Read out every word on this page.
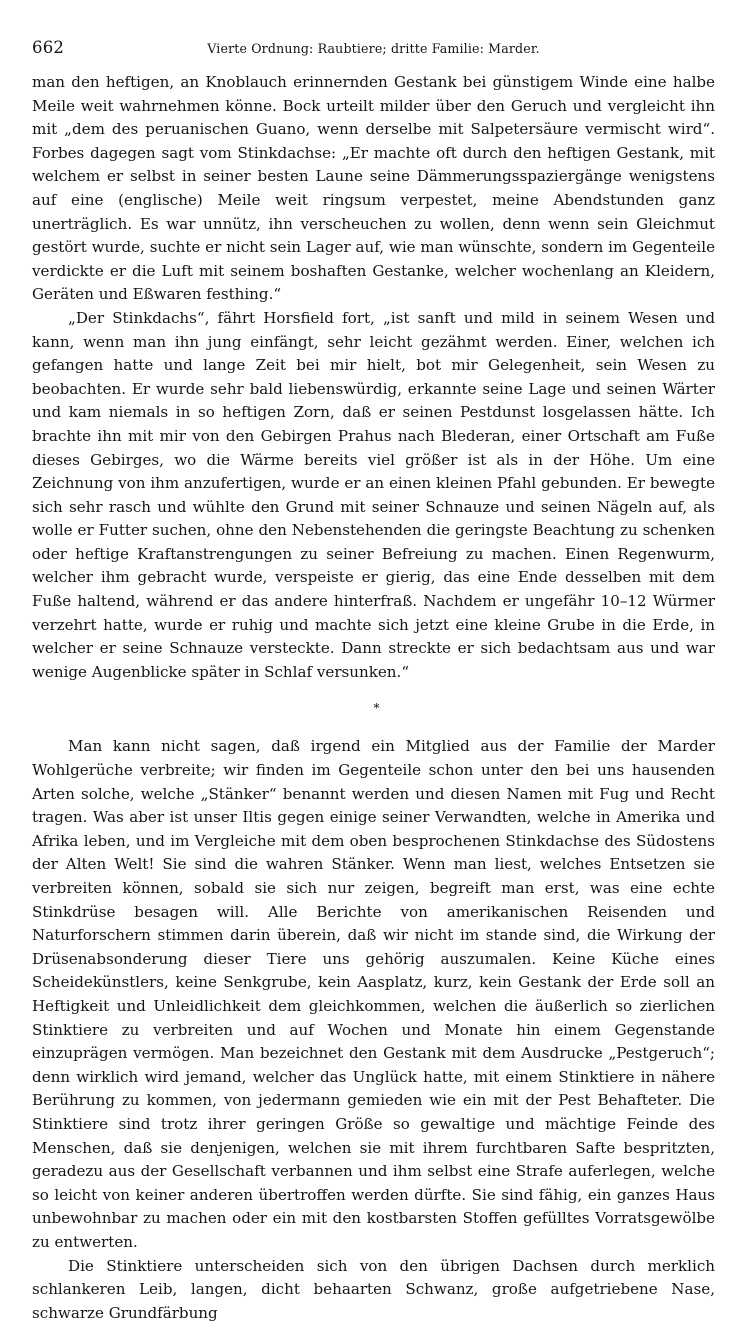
662	Vierte Ordnung: Raubtiere; dritte Familie: Marder.

man den heftigen, an Knoblauch erinnernden Gestank bei günstigem Winde eine halbe Meile weit wahrnehmen könne. Bock urteilt milder über den Geruch und vergleicht ihn mit „dem des peruanischen Guano, wenn derselbe mit Salpetersäure vermischt wird“. Forbes dagegen sagt vom Stinkdachse: „Er machte oft durch den heftigen Gestank, mit welchem er selbst in seiner besten Laune seine Dämmerungsspaziergänge wenigstens auf eine (englische) Meile weit ringsum verpestet, meine Abendstunden ganz unerträglich. Es war unnütz, ihn verscheuchen zu wollen, denn wenn sein Gleichmut gestört wurde, suchte er nicht sein Lager auf, wie man wünschte, sondern im Gegenteile verdickte er die Luft mit seinem boshaften Gestanke, welcher wochenlang an Kleidern, Geräten und Eßwaren festhing.“

„Der Stinkdachs“, fährt Horsfield fort, „ist sanft und mild in seinem Wesen und kann, wenn man ihn jung einfängt, sehr leicht gezähmt werden. Einer, welchen ich gefangen hatte und lange Zeit bei mir hielt, bot mir Gelegenheit, sein Wesen zu beobachten. Er wurde sehr bald liebenswürdig, erkannte seine Lage und seinen Wärter und kam niemals in so heftigen Zorn, daß er seinen Pestdunst losgelassen hätte. Ich brachte ihn mit mir von den Gebirgen Prahus nach Blederan, einer Ortschaft am Fuße dieses Gebirges, wo die Wärme bereits viel größer ist als in der Höhe. Um eine Zeichnung von ihm anzufertigen, wurde er an einen kleinen Pfahl gebunden. Er bewegte sich sehr rasch und wühlte den Grund mit seiner Schnauze und seinen Nägeln auf, als wolle er Futter suchen, ohne den Nebenstehenden die geringste Beachtung zu schenken oder heftige Kraftanstrengungen zu seiner Befreiung zu machen. Einen Regenwurm, welcher ihm gebracht wurde, verspeiste er gierig, das eine Ende desselben mit dem Fuße haltend, während er das andere hinterfraß. Nachdem er ungefähr 10–12 Würmer verzehrt hatte, wurde er ruhig und machte sich jetzt eine kleine Grube in die Erde, in welcher er seine Schnauze versteckte. Dann streckte er sich bedachtsam aus und war wenige Augenblicke später in Schlaf versunken.“

*

Man kann nicht sagen, daß irgend ein Mitglied aus der Familie der Marder Wohlgerüche verbreite; wir finden im Gegenteile schon unter den bei uns hausenden Arten solche, welche „Stänker“ benannt werden und diesen Namen mit Fug und Recht tragen. Was aber ist unser Iltis gegen einige seiner Verwandten, welche in Amerika und Afrika leben, und im Vergleiche mit dem oben besprochenen Stinkdachse des Südostens der Alten Welt! Sie sind die wahren Stänker. Wenn man liest, welches Entsetzen sie verbreiten können, sobald sie sich nur zeigen, begreift man erst, was eine echte Stinkdrüse besagen will. Alle Berichte von amerikanischen Reisenden und Naturforschern stimmen darin überein, daß wir nicht im stande sind, die Wirkung der Drüsenabsonderung dieser Tiere uns gehörig auszumalen. Keine Küche eines Scheidekünstlers, keine Senkgrube, kein Aasplatz, kurz, kein Gestank der Erde soll an Heftigkeit und Unleidlichkeit dem gleichkommen, welchen die äußerlich so zierlichen Stinktiere zu verbreiten und auf Wochen und Monate hin einem Gegenstande einzuprägen vermögen. Man bezeichnet den Gestank mit dem Ausdrucke „Pestgeruch“; denn wirklich wird jemand, welcher das Unglück hatte, mit einem Stinktiere in nähere Berührung zu kommen, von jedermann gemieden wie ein mit der Pest Behafteter. Die Stinktiere sind trotz ihrer geringen Größe so gewaltige und mächtige Feinde des Menschen, daß sie denjenigen, welchen sie mit ihrem furchtbaren Safte bespritzten, geradezu aus der Gesellschaft verbannen und ihm selbst eine Strafe auferlegen, welche so leicht von keiner anderen übertroffen werden dürfte. Sie sind fähig, ein ganzes Haus unbewohnbar zu machen oder ein mit den kostbarsten Stoffen gefülltes Vorratsgewölbe zu entwerten.

Die Stinktiere unterscheiden sich von den übrigen Dachsen durch merklich schlankeren Leib, langen, dicht behaarten Schwanz, große aufgetriebene Nase, schwarze Grundfärbung
